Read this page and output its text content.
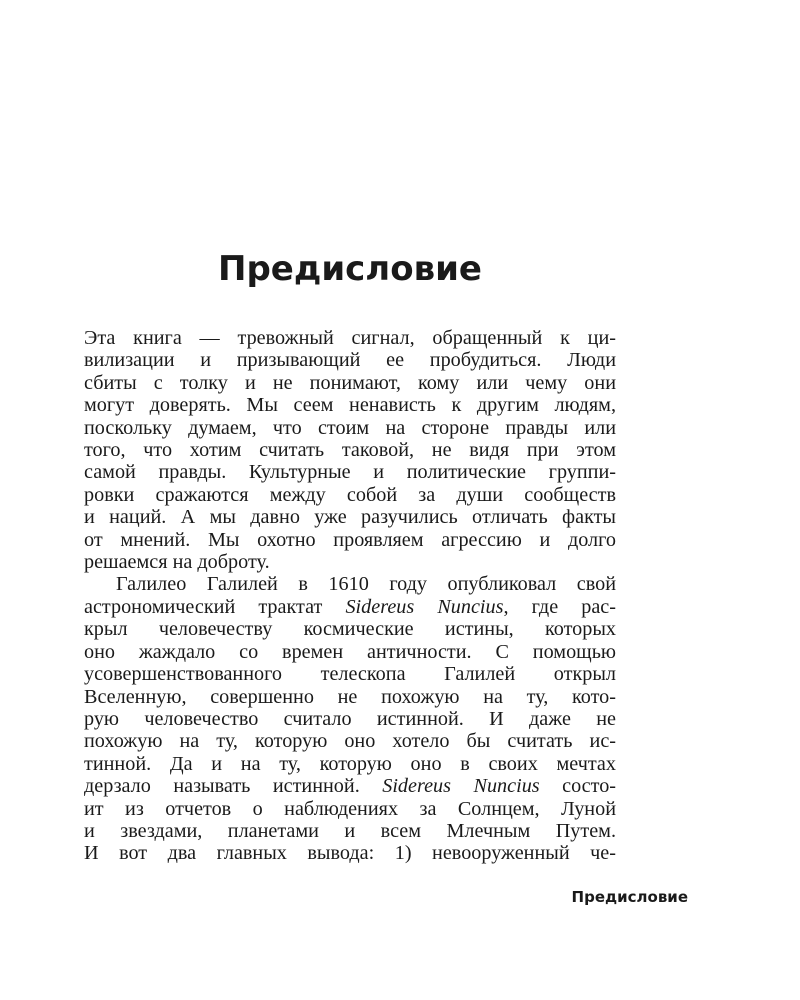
Предисловие
Эта книга — тревожный сигнал, обращенный к ци-
вилизации и призывающий ее пробудиться. Люди
сбиты с толку и не понимают, кому или чему они
могут доверять. Мы сеем ненависть к другим людям,
поскольку думаем, что стоим на стороне правды или
того, что хотим считать таковой, не видя при этом
самой правды. Культурные и политические группи-
ровки сражаются между собой за души сообществ
и наций. А мы давно уже разучились отличать факты
от мнений. Мы охотно проявляем агрессию и долго
решаемся на доброту.
Галилео Галилей в 1610 году опубликовал свой
астрономический трактат Sidereus Nuncius, где рас-
крыл человечеству космические истины, которых
оно жаждало со времен античности. С помощью
усовершенствованного телескопа Галилей открыл
Вселенную, совершенно не похожую на ту, кото-
рую человечество считало истинной. И даже не
похожую на ту, которую оно хотело бы считать ис-
тинной. Да и на ту, которую оно в своих мечтах
дерзало называть истинной. Sidereus Nuncius состо-
ит из отчетов о наблюдениях за Солнцем, Луной
и звездами, планетами и всем Млечным Путем.
И вот два главных вывода: 1) невооруженный че-
Предисловие
